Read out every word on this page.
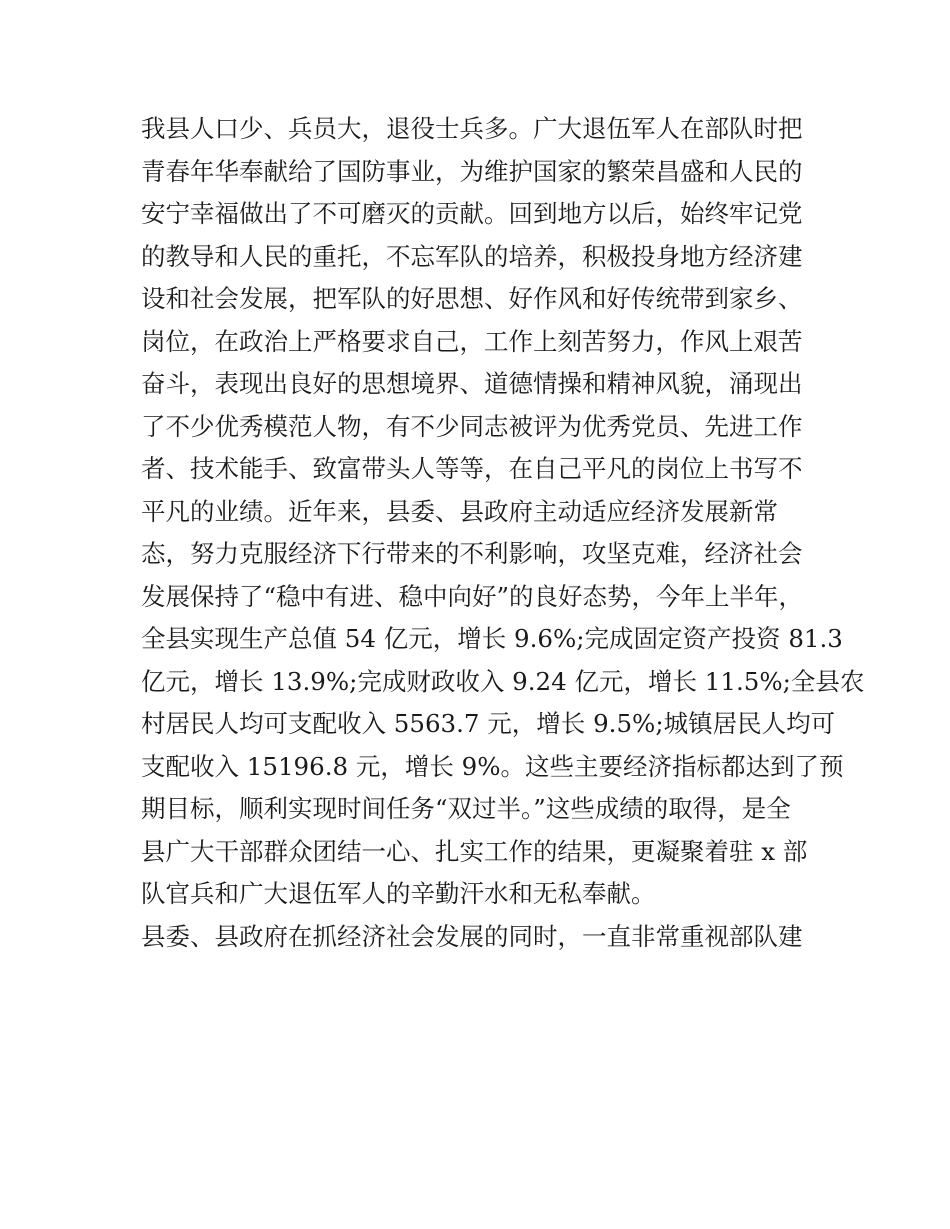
我县人口少、兵员大，退役士兵多。广大退伍军人在部队时把
青春年华奉献给了国防事业，为维护国家的繁荣昌盛和人民的
安宁幸福做出了不可磨灭的贡献。回到地方以后，始终牢记党
的教导和人民的重托，不忘军队的培养，积极投身地方经济建
设和社会发展，把军队的好思想、好作风和好传统带到家乡、
岗位，在政治上严格要求自己，工作上刻苦努力，作风上艰苦
奋斗，表现出良好的思想境界、道德情操和精神风貌，涌现出
了不少优秀模范人物，有不少同志被评为优秀党员、先进工作
者、技术能手、致富带头人等等，在自己平凡的岗位上书写不
平凡的业绩。近年来，县委、县政府主动适应经济发展新常
态，努力克服经济下行带来的不利影响，攻坚克难，经济社会
发展保持了“稳中有进、稳中向好”的良好态势，今年上半年，
全县实现生产总值 54 亿元，增长 9.6%;完成固定资产投资 81.3
亿元，增长 13.9%;完成财政收入 9.24 亿元，增长 11.5%;全县农
村居民人均可支配收入 5563.7 元，增长 9.5%;城镇居民人均可
支配收入 15196.8 元，增长 9%。这些主要经济指标都达到了预
期目标，顺利实现时间任务“双过半。”这些成绩的取得，是全
县广大干部群众团结一心、扎实工作的结果，更凝聚着驻 x 部
队官兵和广大退伍军人的辛勤汗水和无私奉献。
县委、县政府在抓经济社会发展的同时，一直非常重视部队建
